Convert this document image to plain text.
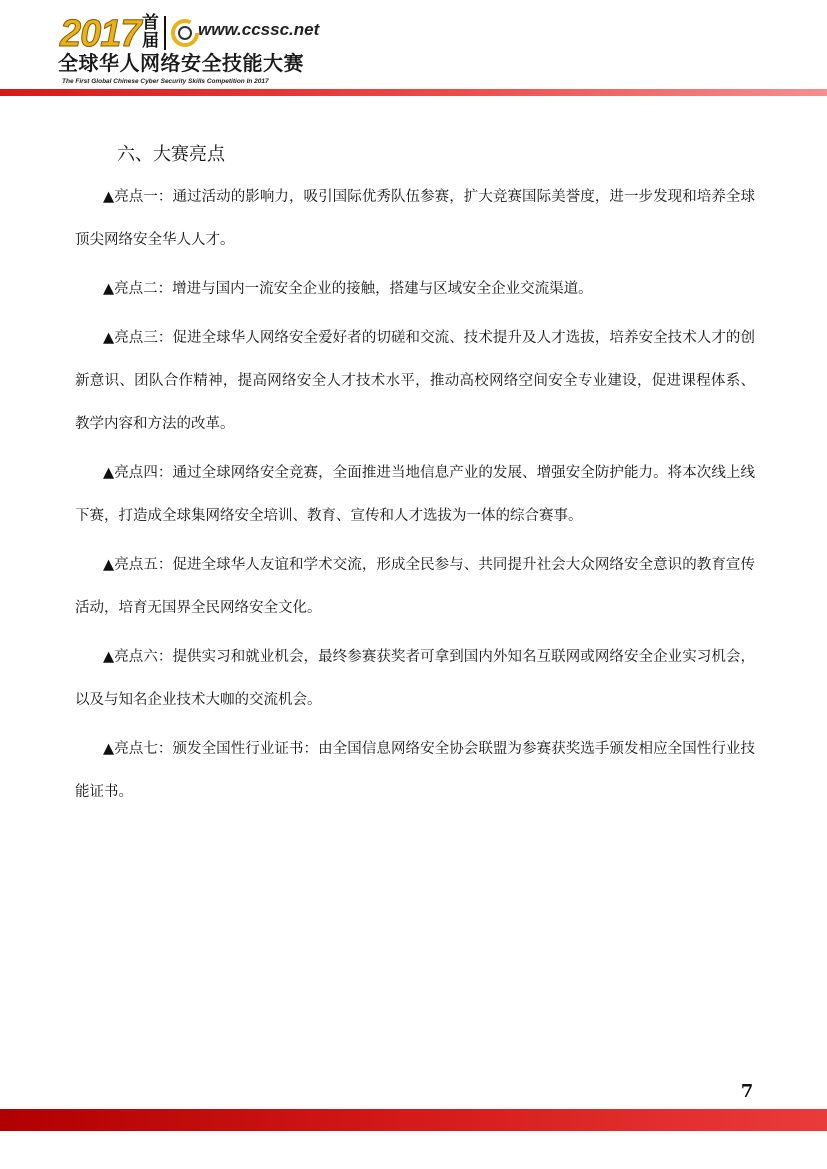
2017 首届
www.ccssc.net
全球华人网络安全技能大赛
The First Global Chinese Cyber Security Skills Competition In 2017
六、大赛亮点

▲亮点一：通过活动的影响力，吸引国际优秀队伍参赛，扩大竞赛国际美誉度，进一步发现和培养全球顶尖网络安全华人人才。

▲亮点二：增进与国内一流安全企业的接触，搭建与区域安全企业交流渠道。

▲亮点三：促进全球华人网络安全爱好者的切磋和交流、技术提升及人才选拔，培养安全技术人才的创新意识、团队合作精神，提高网络安全人才技术水平，推动高校网络空间安全专业建设，促进课程体系、教学内容和方法的改革。

▲亮点四：通过全球网络安全竞赛，全面推进当地信息产业的发展、增强安全防护能力。将本次线上线下赛，打造成全球集网络安全培训、教育、宣传和人才选拔为一体的综合赛事。

▲亮点五：促进全球华人友谊和学术交流，形成全民参与、共同提升社会大众网络安全意识的教育宣传活动，培育无国界全民网络安全文化。

▲亮点六：提供实习和就业机会，最终参赛获奖者可拿到国内外知名互联网或网络安全企业实习机会，以及与知名企业技术大咖的交流机会。

▲亮点七：颁发全国性行业证书：由全国信息网络安全协会联盟为参赛获奖选手颁发相应全国性行业技能证书。

7
